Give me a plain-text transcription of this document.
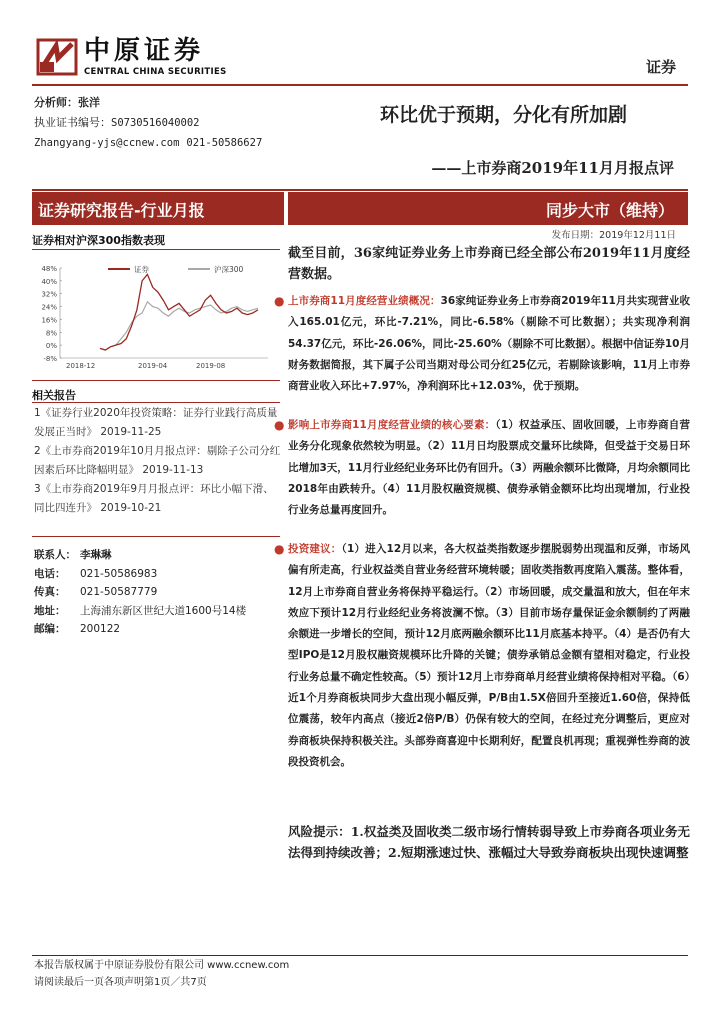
中原证券
CENTRAL CHINA SECURITIES	证券
分析师：张洋
执业证书编号：S0730516040002
Zhangyang-yjs@ccnew.com 021-50586627
环比优于预期，分化有所加剧
——上市券商2019年11月月报点评
证券研究报告-行业月报	同步大市（维持）
证券相对沪深300指数表现
48%
40%
32%
24%
16%
8%
0%
-8%
2018-12	2019-04	2019-08
证券	沪深300
相关报告
1《证券行业2020年投资策略：证券行业践行高质量发展正当时》 2019-11-25
2《上市券商2019年10月月报点评：剔除子公司分红因素后环比降幅明显》 2019-11-13
3《上市券商2019年9月月报点评：环比小幅下滑、同比四连升》 2019-10-21
联系人： 李琳琳
电话：	021-50586983
传真：	021-50587779
地址：	上海浦东新区世纪大道1600号14楼
邮编：	200122
发布日期：2019年12月11日
截至目前，36家纯证券业务上市券商已经全部公布2019年11月度经营数据。
● 上市券商11月度经营业绩概况：36家纯证券业务上市券商2019年11月共实现营业收入165.01亿元，环比-7.21%，同比-6.58%（剔除不可比数据）；共实现净利润54.37亿元，环比-26.06%，同比-25.60%（剔除不可比数据）。根据中信证券10月财务数据简报，其下属子公司当期对母公司分红25亿元，若剔除该影响，11月上市券商营业收入环比+7.97%，净利润环比+12.03%，优于预期。
● 影响上市券商11月度经营业绩的核心要素：（1）权益承压、固收回暖，上市券商自营业务分化现象依然较为明显。（2）11月日均股票成交量环比续降，但受益于交易日环比增加3天，11月行业经纪业务环比仍有回升。（3）两融余额环比微降，月均余额同比2018年由跌转升。（4）11月股权融资规模、债券承销金额环比均出现增加，行业投行业务总量再度回升。
● 投资建议：（1）进入12月以来，各大权益类指数逐步摆脱弱势出现温和反弹，市场风偏有所走高，行业权益类自营业务经营环境转暖；固收类指数再度陷入震荡。整体看，12月上市券商自营业务将保持平稳运行。（2）市场回暖，成交量温和放大，但在年末效应下预计12月行业经纪业务将波澜不惊。（3）目前市场存量保证金余额制约了两融余额进一步增长的空间，预计12月底两融余额环比11月底基本持平。（4）是否仍有大型IPO是12月股权融资规模环比升降的关键；债券承销总金额有望相对稳定，行业投行业务总量不确定性较高。（5）预计12月上市券商单月经营业绩将保持相对平稳。（6）近1个月券商板块同步大盘出现小幅反弹，P/B由1.5X倍回升至接近1.60倍，保持低位震荡，较年内高点（接近2倍P/B）仍保有较大的空间，在经过充分调整后，更应对券商板块保持积极关注。头部券商喜迎中长期利好，配置良机再现；重视弹性券商的波段投资机会。
风险提示：1.权益类及固收类二级市场行情转弱导致上市券商各项业务无法得到持续改善；2.短期涨速过快、涨幅过大导致券商板块出现快速调整
本报告版权属于中原证券股份有限公司 www.ccnew.com
请阅读最后一页各项声明第1页／共7页
